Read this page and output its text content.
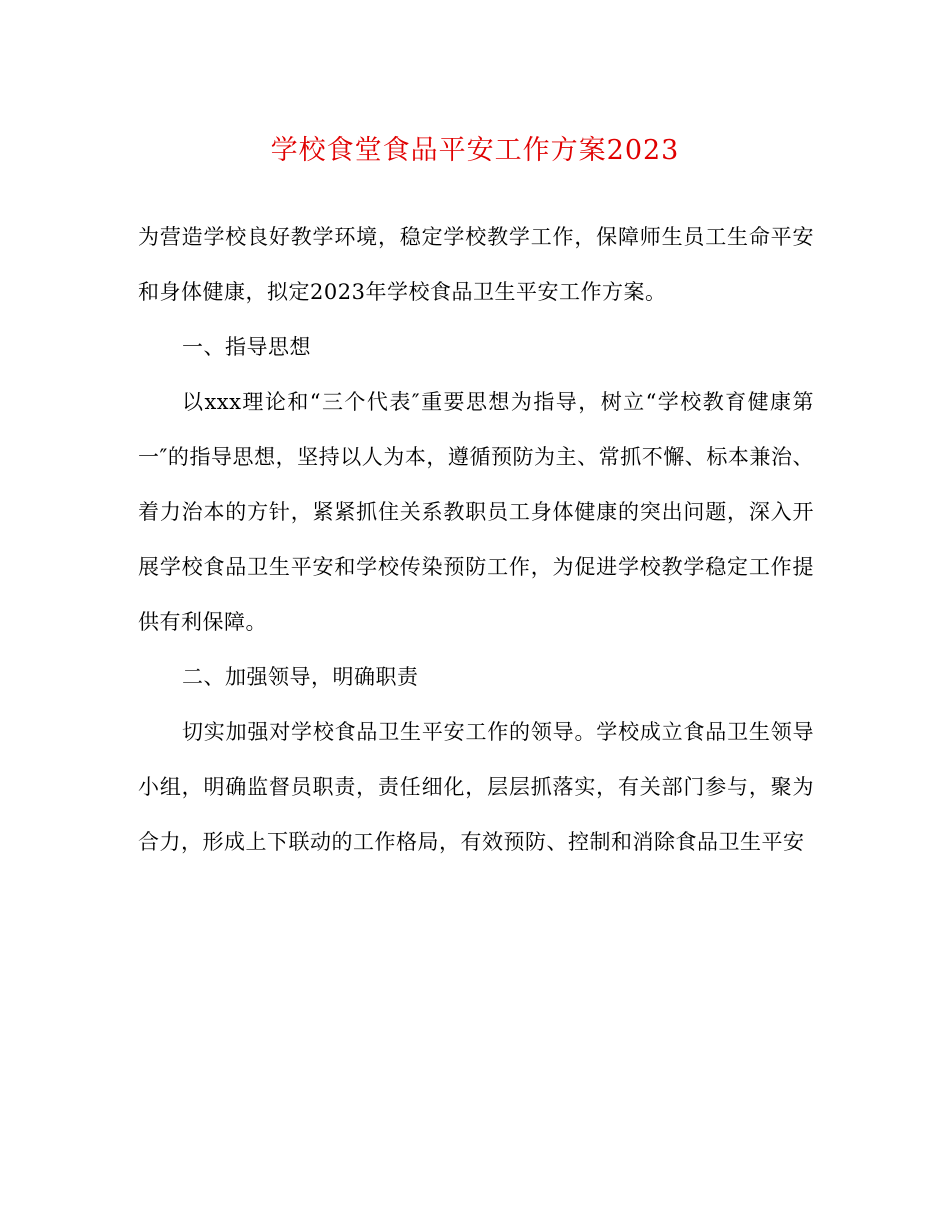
学校食堂食品平安工作方案2023

为营造学校良好教学环境，稳定学校教学工作，保障师生员工生命平安和身体健康，拟定2023年学校食品卫生平安工作方案。

一、指导思想

以xxx理论和“三个代表″重要思想为指导，树立“学校教育健康第一″的指导思想，坚持以人为本，遵循预防为主、常抓不懈、标本兼治、着力治本的方针，紧紧抓住关系教职员工身体健康的突出问题，深入开展学校食品卫生平安和学校传染预防工作，为促进学校教学稳定工作提供有利保障。

二、加强领导，明确职责

切实加强对学校食品卫生平安工作的领导。学校成立食品卫生领导小组，明确监督员职责，责任细化，层层抓落实，有关部门参与，聚为合力，形成上下联动的工作格局，有效预防、控制和消除食品卫生平安
